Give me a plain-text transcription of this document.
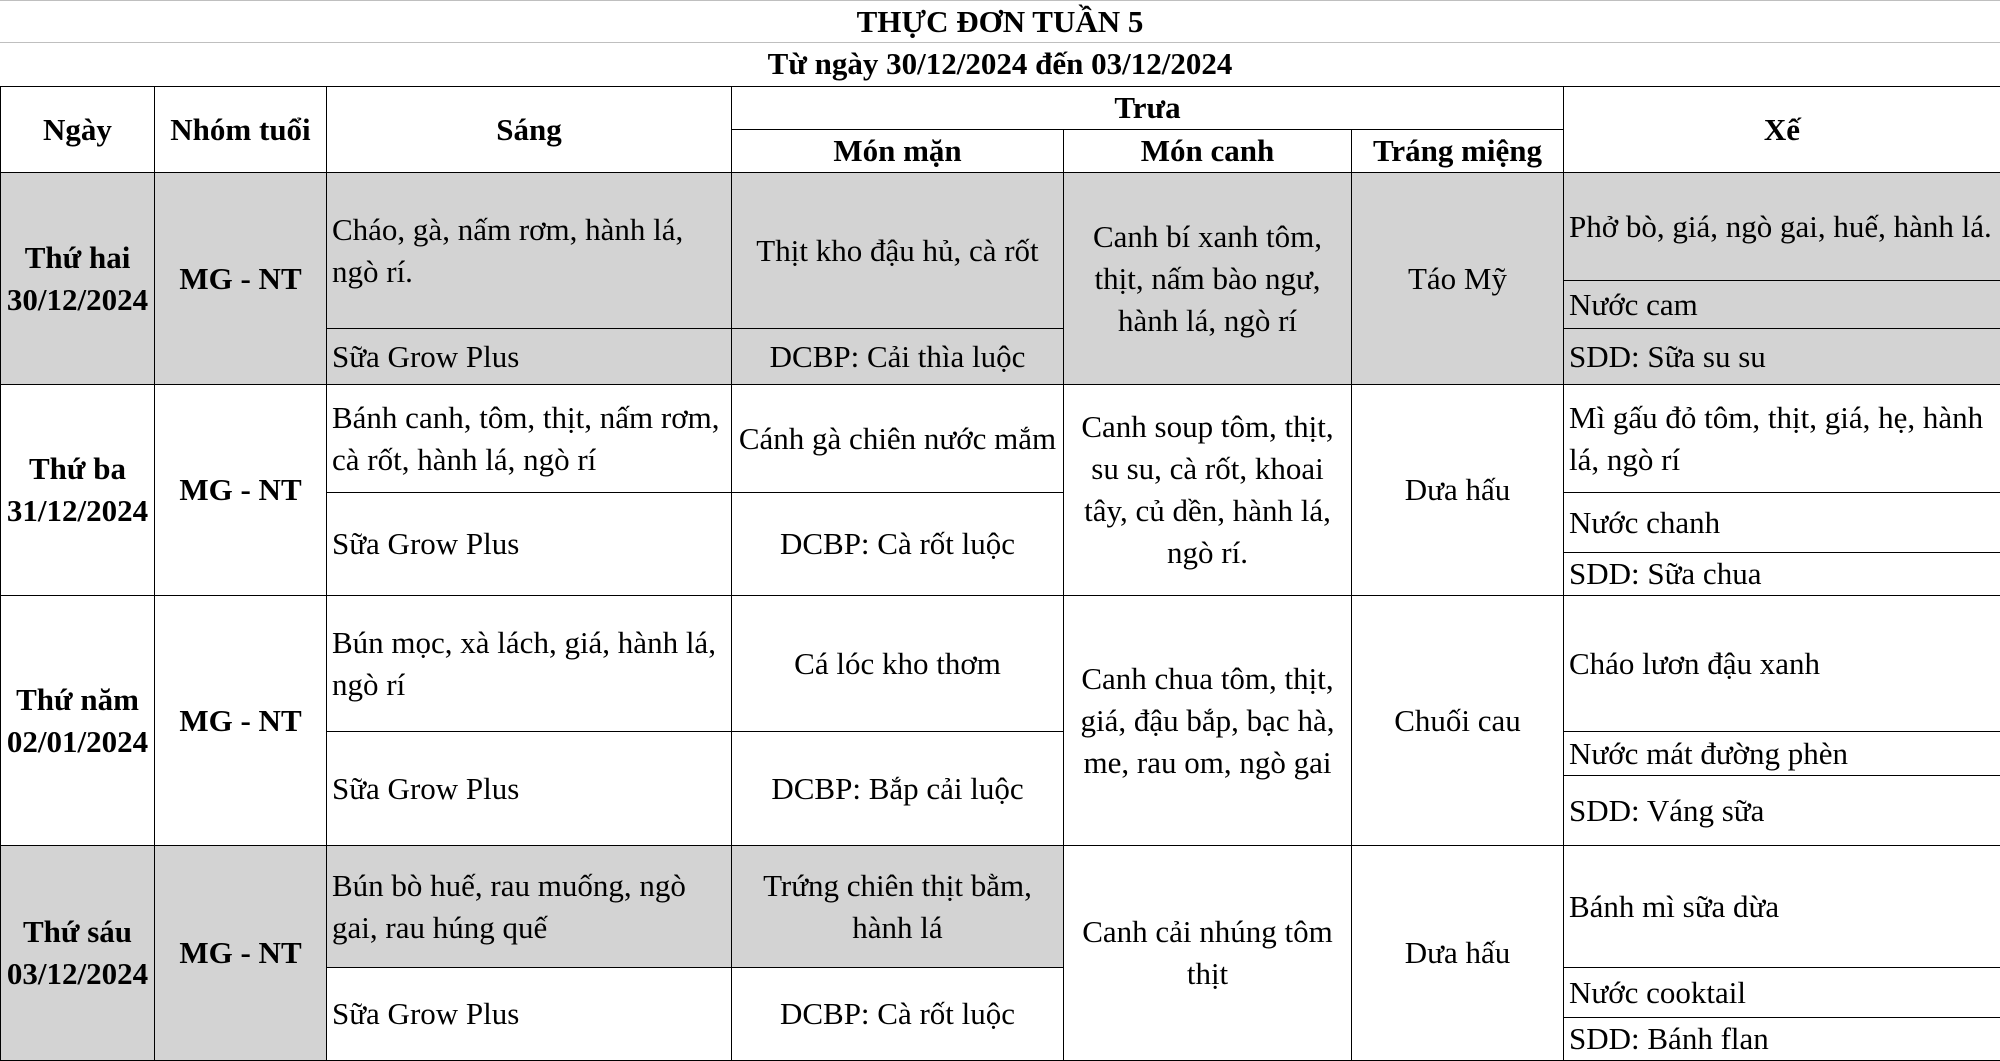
THỰC ĐƠN TUẦN 5
Từ ngày 30/12/2024 đến 03/12/2024
Ngày	Nhóm tuổi	Sáng	Trưa			Xế
			Món mặn	Món canh	Tráng miệng	
Thứ hai 30/12/2024	MG - NT	Cháo, gà, nấm rơm, hành lá, ngò rí.	Thịt kho đậu hủ, cà rốt	Canh bí xanh tôm, thịt, nấm bào ngư, hành lá, ngò rí	Táo Mỹ	Phở bò, giá, ngò gai, huế, hành lá.
						Nước cam
		Sữa Grow Plus	DCBP: Cải thìa luộc			SDD: Sữa su su
Thứ ba 31/12/2024	MG - NT	Bánh canh, tôm, thịt, nấm rơm, cà rốt, hành lá, ngò rí	Cánh gà chiên nước mắm	Canh soup tôm, thịt, su su, cà rốt, khoai tây, củ dền, hành lá, ngò rí.	Dưa hấu	Mì gấu đỏ tôm, thịt, giá, hẹ, hành lá, ngò rí
		Sữa Grow Plus	DCBP: Cà rốt luộc			Nước chanh
						SDD: Sữa chua
Thứ năm 02/01/2024	MG - NT	Bún mọc, xà lách, giá, hành lá, ngò rí	Cá lóc kho thơm	Canh chua tôm, thịt, giá, đậu bắp, bạc hà, me, rau om, ngò gai	Chuối cau	Cháo lươn đậu xanh
		Sữa Grow Plus	DCBP: Bắp cải luộc			Nước mát đường phèn
						SDD: Váng sữa
Thứ sáu 03/12/2024	MG - NT	Bún bò huế, rau muống, ngò gai, rau húng quế	Trứng chiên thịt bằm, hành lá	Canh cải nhúng tôm thịt	Dưa hấu	Bánh mì sữa dừa
		Sữa Grow Plus	DCBP: Cà rốt luộc			Nước cooktail
						SDD: Bánh flan
